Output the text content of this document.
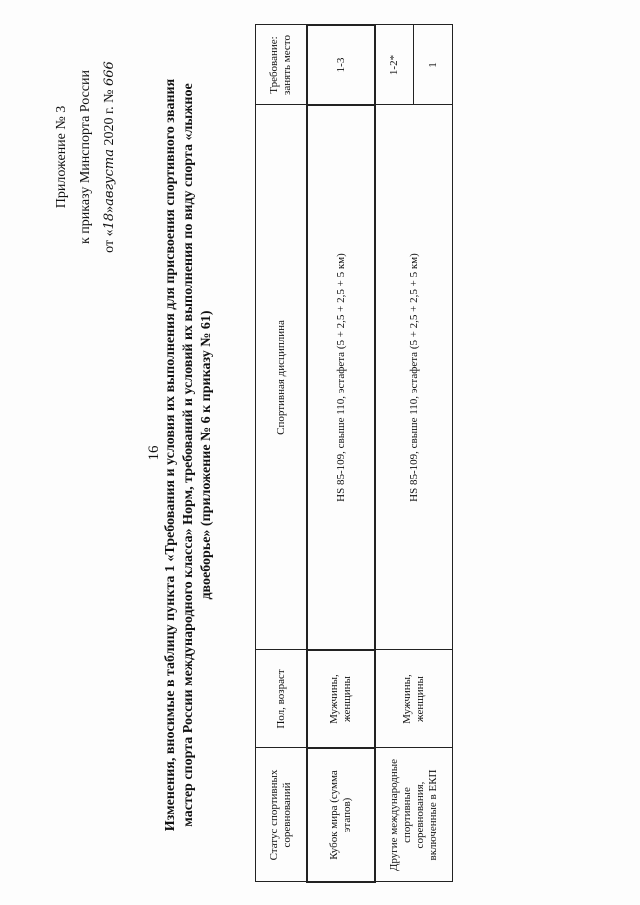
16
Приложение № 3 к приказу Минспорта России от «18»августа 2020 г. № 666
Изменения, вносимые в таблицу пункта 1 «Требования и условия их выполнения для присвоения спортивного звания мастер спорта России международного класса» Норм, требований и условий их выполнения по виду спорта «лыжное двоеборье» (приложение № 6 к приказу № 61)
Статус спортивных соревнований	Пол, возраст	Спортивная дисциплина	Требование: занять место
Кубок мира (сумма этапов)	Мужчины, женщины	HS 85-109, свыше 110, эстафета (5 + 2,5 + 2,5 + 5 км)	1-3
Другие международные спортивные соревнования, включенные в ЕКП	Мужчины, женщины	HS 85-109, свыше 110, эстафета (5 + 2,5 + 2,5 + 5 км)	1-2*
			1
